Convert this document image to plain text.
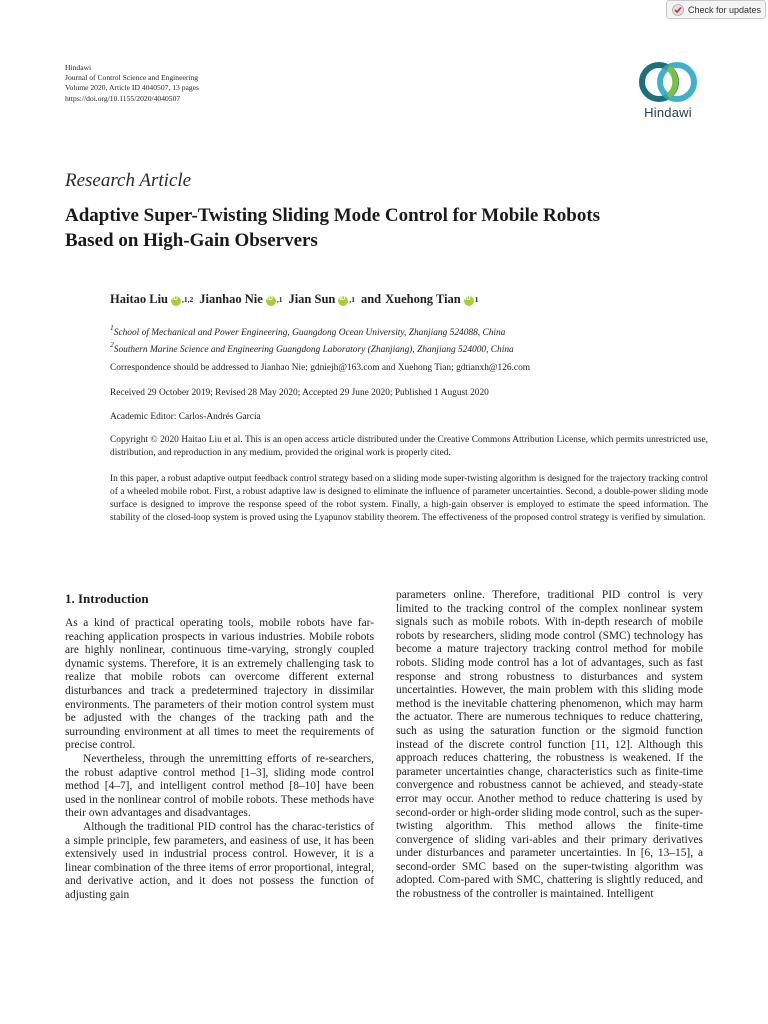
Check for updates
Hindawi
Journal of Control Science and Engineering
Volume 2020, Article ID 4040507, 13 pages
https://doi.org/10.1155/2020/4040507
Hindawi
Research Article
Adaptive Super-Twisting Sliding Mode Control for Mobile Robots
Based on High-Gain Observers
Haitao Liu iD ,1,2 Jianhao Nie iD ,1 Jian Sun iD ,1 and Xuehong Tian iD 1
$^1$School of Mechanical and Power Engineering, Guangdong Ocean University, Zhanjiang 524088, China
$^2$Southern Marine Science and Engineering Guangdong Laboratory (Zhanjiang), Zhanjiang 524000, China
Correspondence should be addressed to Jianhao Nie; gdniejh@163.com and Xuehong Tian; gdtianxh@126.com
Received 29 October 2019; Revised 28 May 2020; Accepted 29 June 2020; Published 1 August 2020
Academic Editor: Carlos-Andrés García
Copyright © 2020 Haitao Liu et al. This is an open access article distributed under the Creative Commons Attribution License, which permits unrestricted use, distribution, and reproduction in any medium, provided the original work is properly cited.
In this paper, a robust adaptive output feedback control strategy based on a sliding mode super-twisting algorithm is designed for the trajectory tracking control of a wheeled mobile robot. First, a robust adaptive law is designed to eliminate the influence of parameter uncertainties. Second, a double-power sliding mode surface is designed to improve the response speed of the robot system. Finally, a high-gain observer is employed to estimate the speed information. The stability of the closed-loop system is proved using the Lyapunov stability theorem. The effectiveness of the proposed control strategy is verified by simulation.
1. Introduction

As a kind of practical operating tools, mobile robots have far-reaching application prospects in various industries. Mobile robots are highly nonlinear, continuous time-varying, strongly coupled dynamic systems. Therefore, it is an extremely challenging task to realize that mobile robots can overcome different external disturbances and track a predetermined trajectory in dissimilar environments. The parameters of their motion control system must be adjusted with the changes of the tracking path and the surrounding environment at all times to meet the requirements of precise control.

Nevertheless, through the unremitting efforts of re-searchers, the robust adaptive control method [1–3], sliding mode control method [4–7], and intelligent control method [8–10] have been used in the nonlinear control of mobile robots. These methods have their own advantages and disadvantages.

Although the traditional PID control has the charac-teristics of a simple principle, few parameters, and easiness of use, it has been extensively used in industrial process control. However, it is a linear combination of the three items of error proportional, integral, and derivative action, and it does not possess the function of adjusting gain

parameters online. Therefore, traditional PID control is very limited to the tracking control of the complex nonlinear system signals such as mobile robots. With in-depth research of mobile robots by researchers, sliding mode control (SMC) technology has become a mature trajectory tracking control method for mobile robots. Sliding mode control has a lot of advantages, such as fast response and strong robustness to disturbances and system uncertainties. However, the main problem with this sliding mode method is the inevitable chattering phenomenon, which may harm the actuator. There are numerous techniques to reduce chattering, such as using the saturation function or the sigmoid function instead of the discrete control function [11, 12]. Although this approach reduces chattering, the robustness is weakened. If the parameter uncertainties change, characteristics such as finite-time convergence and robustness cannot be achieved, and steady-state error may occur. Another method to reduce chattering is used by second-order or high-order sliding mode control, such as the super-twisting algorithm. This method allows the finite-time convergence of sliding vari-ables and their primary derivatives under disturbances and parameter uncertainties. In [6, 13–15], a second-order SMC based on the super-twisting algorithm was adopted. Com-pared with SMC, chattering is slightly reduced, and the robustness of the controller is maintained. Intelligent
